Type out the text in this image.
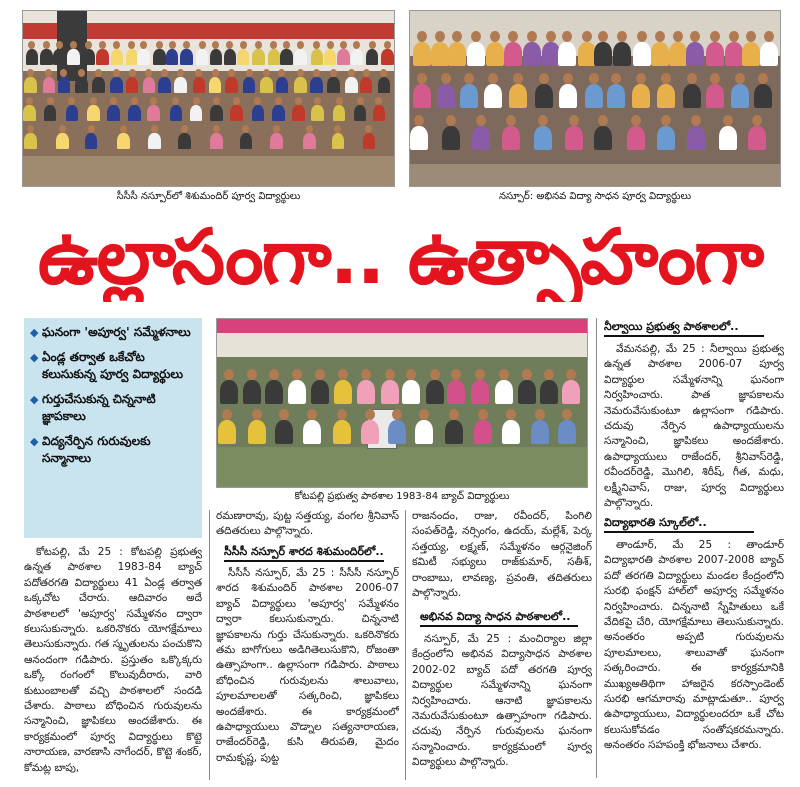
సీసీసీ నస్పూర్‌లో శిశుమందిర్ పూర్వ విద్యార్థులు	నస్పూర్: అభినవ విద్యా సాధన పూర్వ విద్యార్థులు
ఉల్లాసంగా.. ఉత్సాహంగా
◆ ఘనంగా 'అపూర్వ' సమ్మేళనాలు
◆ ఏండ్ల తర్వాత ఒకేచోట కలుసుకున్న పూర్వ విద్యార్థులు
◆ గుర్తుచేసుకున్న చిన్ననాటి జ్ఞాపకాలు
◆ విద్యనేర్పిన గురువులకు సన్మానాలు
కోటపల్లి ప్రభుత్వ పాఠశాల 1983-84 బ్యాచ్ విద్యార్థులు

కోటపల్లి, మే 25 : కోటపల్లి ప్రభుత్వ ఉన్నత పాఠశాల 1983-84 బ్యాచ్ పదోతరగతి విద్యార్థులు 41 ఏండ్ల తర్వాత ఒక్కచోట చేరారు. ఆదివారం అదే పాఠశాలలో 'అపూర్వ' సమ్మేళనం ద్వారా కలుసుకున్నారు. ఒకరినొకరు యోగక్షేమాలు తెలుసుకున్నారు. గత స్మృతులను పంచుకొని ఆనందంగా గడిపారు. ప్రస్తుతం ఒక్కొక్కరు ఒక్కో రంగంలో కొలువుదీరారు, వారి కుటుంబాలతో వచ్చి పాఠశాలలో సందడి చేశారు. పాఠాలు బోధించిన గురువులను సన్మానించి, జ్ఞాపికలు అందజేశారు. ఈ కార్యక్రమంలో పూర్వ విద్యార్థులు కొట్టె నారాయణ, వారణాసి నాగేందర్, కొట్టె శంకర్, కోమట్ల బాపు,

రమణారావు, పుట్ట సత్తయ్య, వంగల శ్రీనివాస్ తదితరులు పాల్గొన్నారు.

సీసీసీ నస్పూర్ శారద శిశుమందిర్‌లో..

సీసీసీ నస్పూర్, మే 25 : సీసీసీ నస్పూర్ శారద శిశుమందిర్ పాఠశాల 2006-07 బ్యాచ్ విద్యార్థులు 'అపూర్వ' సమ్మేళనం ద్వారా కలుసుకున్నారు. చిన్ననాటి జ్ఞాపకాలను గుర్తు చేసుకున్నారు. ఒకరినొకరు తమ బాగోగులు అడిగితెలుసుకొని, రోజంతా ఉత్సాహంగా.. ఉల్లాసంగా గడిపారు. పాఠాలు బోధించిన గురువులను శాలువాలు, పూలమాలలతో సత్కరించి, జ్ఞాపికలు అందజేశారు. ఈ కార్యక్రమంలో ఉపాధ్యాయులు వొడ్నాల సత్యనారాయణ, రాజేందర్‌రెడ్డి, కుసి తిరుపతి, మైదం రామకృష్ణ, పుట్ట

రాజనందం, రాజు, రవీందర్, పింగిలి సంపత్‌రెడ్డి, నర్సింగం, ఉదయ్, మల్లేశ్, పెర్క సత్తయ్య, లక్ష్మణ్, సమ్మేళనం ఆర్గనైజింగ్ కమిటీ సభ్యులు రాజ్‌కుమార్, సతీశ్, రాంబాబు, లావణ్య, ప్రవంతి, తదితరులు పాల్గొన్నారు.

అభినవ విద్యా సాధన పాఠశాలలో..

నస్పూర్, మే 25 : మంచిర్యాల జిల్లా కేంద్రంలోని అభినవ విద్యాసాధన పాఠశాల 2002-02 బ్యాచ్ పదో తరగతి పూర్వ విద్యార్థుల సమ్మేళనాన్ని ఘనంగా నిర్వహించారు. ఆనాటి జ్ఞాపకాలను నెమరువేసుకుంటూ ఉత్సాహంగా గడిపారు. చదువు నేర్పిన గురువులను ఘనంగా సన్మానించారు. కార్యక్రమంలో పూర్వ విద్యార్థులు పాల్గొన్నారు.

నీల్వాయి ప్రభుత్వ పాఠశాలలో..

వేమనపల్లి, మే 25 : నీల్వాయి ప్రభుత్వ ఉన్నత పాఠశాల 2006-07 పూర్వ విద్యార్థుల సమ్మేళనాన్ని ఘనంగా నిర్వహించారు. పాత జ్ఞాపకాలను నెమరువేసుకుంటూ ఉల్లాసంగా గడిపారు. చదువు నేర్పిన ఉపాధ్యాయులను సన్మానించి, జ్ఞాపికలు అందజేశారు. ఉపాధ్యాయులు రాజేందర్, శ్రీనివాస్‌రెడ్డి, రవీందర్‌రెడ్డి, మొగిలి, శిరీష్, గీత, మధు, లక్ష్మీనివాస్, రాజు, పూర్వ విద్యార్థులు పాల్గొన్నారు.

విద్యాభారతి స్కూల్‌లో..

తాండూర్, మే 25 : తాండూర్ విద్యాభారతి పాఠశాల 2007-2008 బ్యాచ్ పదో తరగతి విద్యార్థులు మండల కేంద్రంలోని సురభి ఫంక్షన్ హాల్‌లో అపూర్వ సమ్మేళనం నిర్వహించారు. చిన్ననాటి స్నేహితులు ఒకే వేదికపై చేరి, యోగక్షేమాలు తెలుసుకున్నారు. అనంతరం అప్పటి గురువులను పూలమాలలు, శాలువాతో ఘనంగా సత్కరించారు. ఈ కార్యక్రమానికి ముఖ్యఅతిథిగా హాజరైన కరస్పాండెంట్ సురభి ఆగమారావు మాట్లాడుతూ.. పూర్వ ఉపాధ్యాయులు, విద్యార్థులందరూ ఒకే చోట కలుసుకోవడం సంతోషకరమన్నారు. అనంతరం సహపంక్తి భోజనాలు చేశారు.
